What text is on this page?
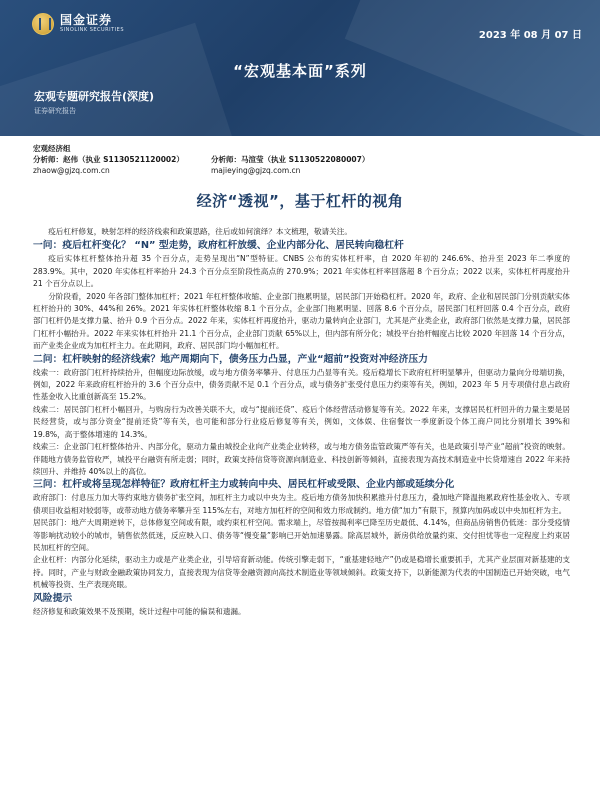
国金证券
SINOLINK SECURITIES	2023 年 08 月 07 日
“宏观基本面”系列
宏观专题研究报告(深度)
证券研究报告
宏观经济组
分析师：赵伟（执业 S1130521120002）
zhaow@gjzq.com.cn
分析师：马渲莹（执业 S1130522080007）
majieying@gjzq.com.cn
经济“透视”，基于杠杆的视角

疫后杠杆修复，映射怎样的经济线索和政策思路，往后或如何演绎？本文梳理，敬请关注。

一问：疫后杠杆变化？ “N” 型走势，政府杠杆放缓、企业内部分化、居民转向稳杠杆

疫后实体杠杆整体抬升超 35 个百分点，走势呈现出“N”型特征。CNBS 公布的实体杠杆率，自 2020 年初的 246.6%、抬升至 2023 年二季度的 283.9%。其中，2020 年实体杠杆率抬升 24.3 个百分点至阶段性高点的 270.9%；2021 年实体杠杆率回落超 8 个百分点；2022 以来，实体杠杆再度抬升 21 个百分点以上。

分阶段看，2020 年各部门整体加杠杆；2021 年杠杆整体收缩、企业部门拖累明显，居民部门开始稳杠杆。2020 年，政府、企业和居民部门分别贡献实体杠杆抬升的 30%、44%和 26%。2021 年实体杠杆整体收缩 8.1 个百分点，企业部门拖累明显、回落 8.6 个百分点，居民部门杠杆回落 0.4 个百分点，政府部门杠杆仍是支撑力量、抬升 0.9 个百分点。2022 年来，实体杠杆再度抬升，驱动力量转向企业部门，尤其是产业类企业，政府部门依然是支撑力量，居民部门杠杆小幅抬升。2022 年来实体杠杆抬升 21.1 个百分点，企业部门贡献 65%以上，但内部有所分化；城投平台抬杆幅度占比较 2020 年回落 14 个百分点，而产业类企业成为加杠杆主力。在此期间，政府、居民部门均小幅加杠杆。

二问：杠杆映射的经济线索？地产周期向下，债务压力凸显，产业“超前”投资对冲经济压力

线索一：政府部门杠杆持续抬升，但幅度边际放缓，或与地方债务率攀升、付息压力凸显等有关。疫后稳增长下政府杠杆明显攀升，但驱动力量向分母端切换，例如，2022 年来政府杠杆抬升的 3.6 个百分点中，债务贡献不足 0.1 个百分点，或与债务扩张受付息压力约束等有关，例如，2023 年 5 月专项债付息占政府性基金收入比重创新高至 15.2%。

线索二：居民部门杠杆小幅回升，与购房行为改善关联不大，或与“提前还贷”、疫后个体经营活动修复等有关。2022 年来，支撑居民杠杆回升的力量主要是居民经营贷，或与部分资金“提前还贷”等有关，也可能和部分行业疫后修复等有关，例如，文体娱、住宿餐饮一季度新设个体工商户同比分别增长 39%和 19.8%，高于整体增速的 14.3%。

线索三：企业部门杠杆整体抬升、内部分化，驱动力量由城投企业向产业类企业转移，或与地方债务监管政策严等有关，也是政策引导产业“超前”投资的映射。伴随地方债务监管收严，城投平台融资有所走弱；同时，政策支持信贷等资源向制造业、科技创新等倾斜，直接表现为高技术制造业中长贷增速自 2022 年来持续回升、并维持 40%以上的高位。

三问：杠杆或将呈现怎样特征？政府杠杆主力或转向中央、居民杠杆或受限、企业内部或延续分化

政府部门：付息压力加大等约束地方债务扩张空间，加杠杆主力或以中央为主。疫后地方债务加快积累推升付息压力，叠加地产降温拖累政府性基金收入、专项债项目收益相对较弱等，或带动地方债务率攀升至 115%左右，对地方加杠杆的空间和效力形成制约。地方债“加力”有限下，预算内加码或以中央加杠杆为主。

居民部门：地产大周期逆转下，总体修复空间或有限，或约束杠杆空间。需求端上，尽管按揭利率已降至历史最低、4.14%，但商品房销售仍低迷：部分受疫情等影响扰动较小的城市，销售依然低迷，反应映入口、债务等“慢变量”影响已开始加速暴露。除高层城外，新房供给放量约束、交付担忧等也一定程度上约束居民加杠杆的空间。

企业杠杆：内部分化延续，驱动主力或是产业类企业，引导培育新动能。传统引擎走弱下，“重基建轻地产”仍或是稳增长重要抓手，尤其产业层面对新基建的支持。同时，产业与财政金融政策协同发力，直接表现为信贷等金融资源向高技术制造业等领域倾斜。政策支持下，以新能源为代表的中国制造已开始突破，电气机械等投资、生产表现亮眼。

风险提示

经济修复和政策效果不及预期，统计过程中可能的偏误和遗漏。
